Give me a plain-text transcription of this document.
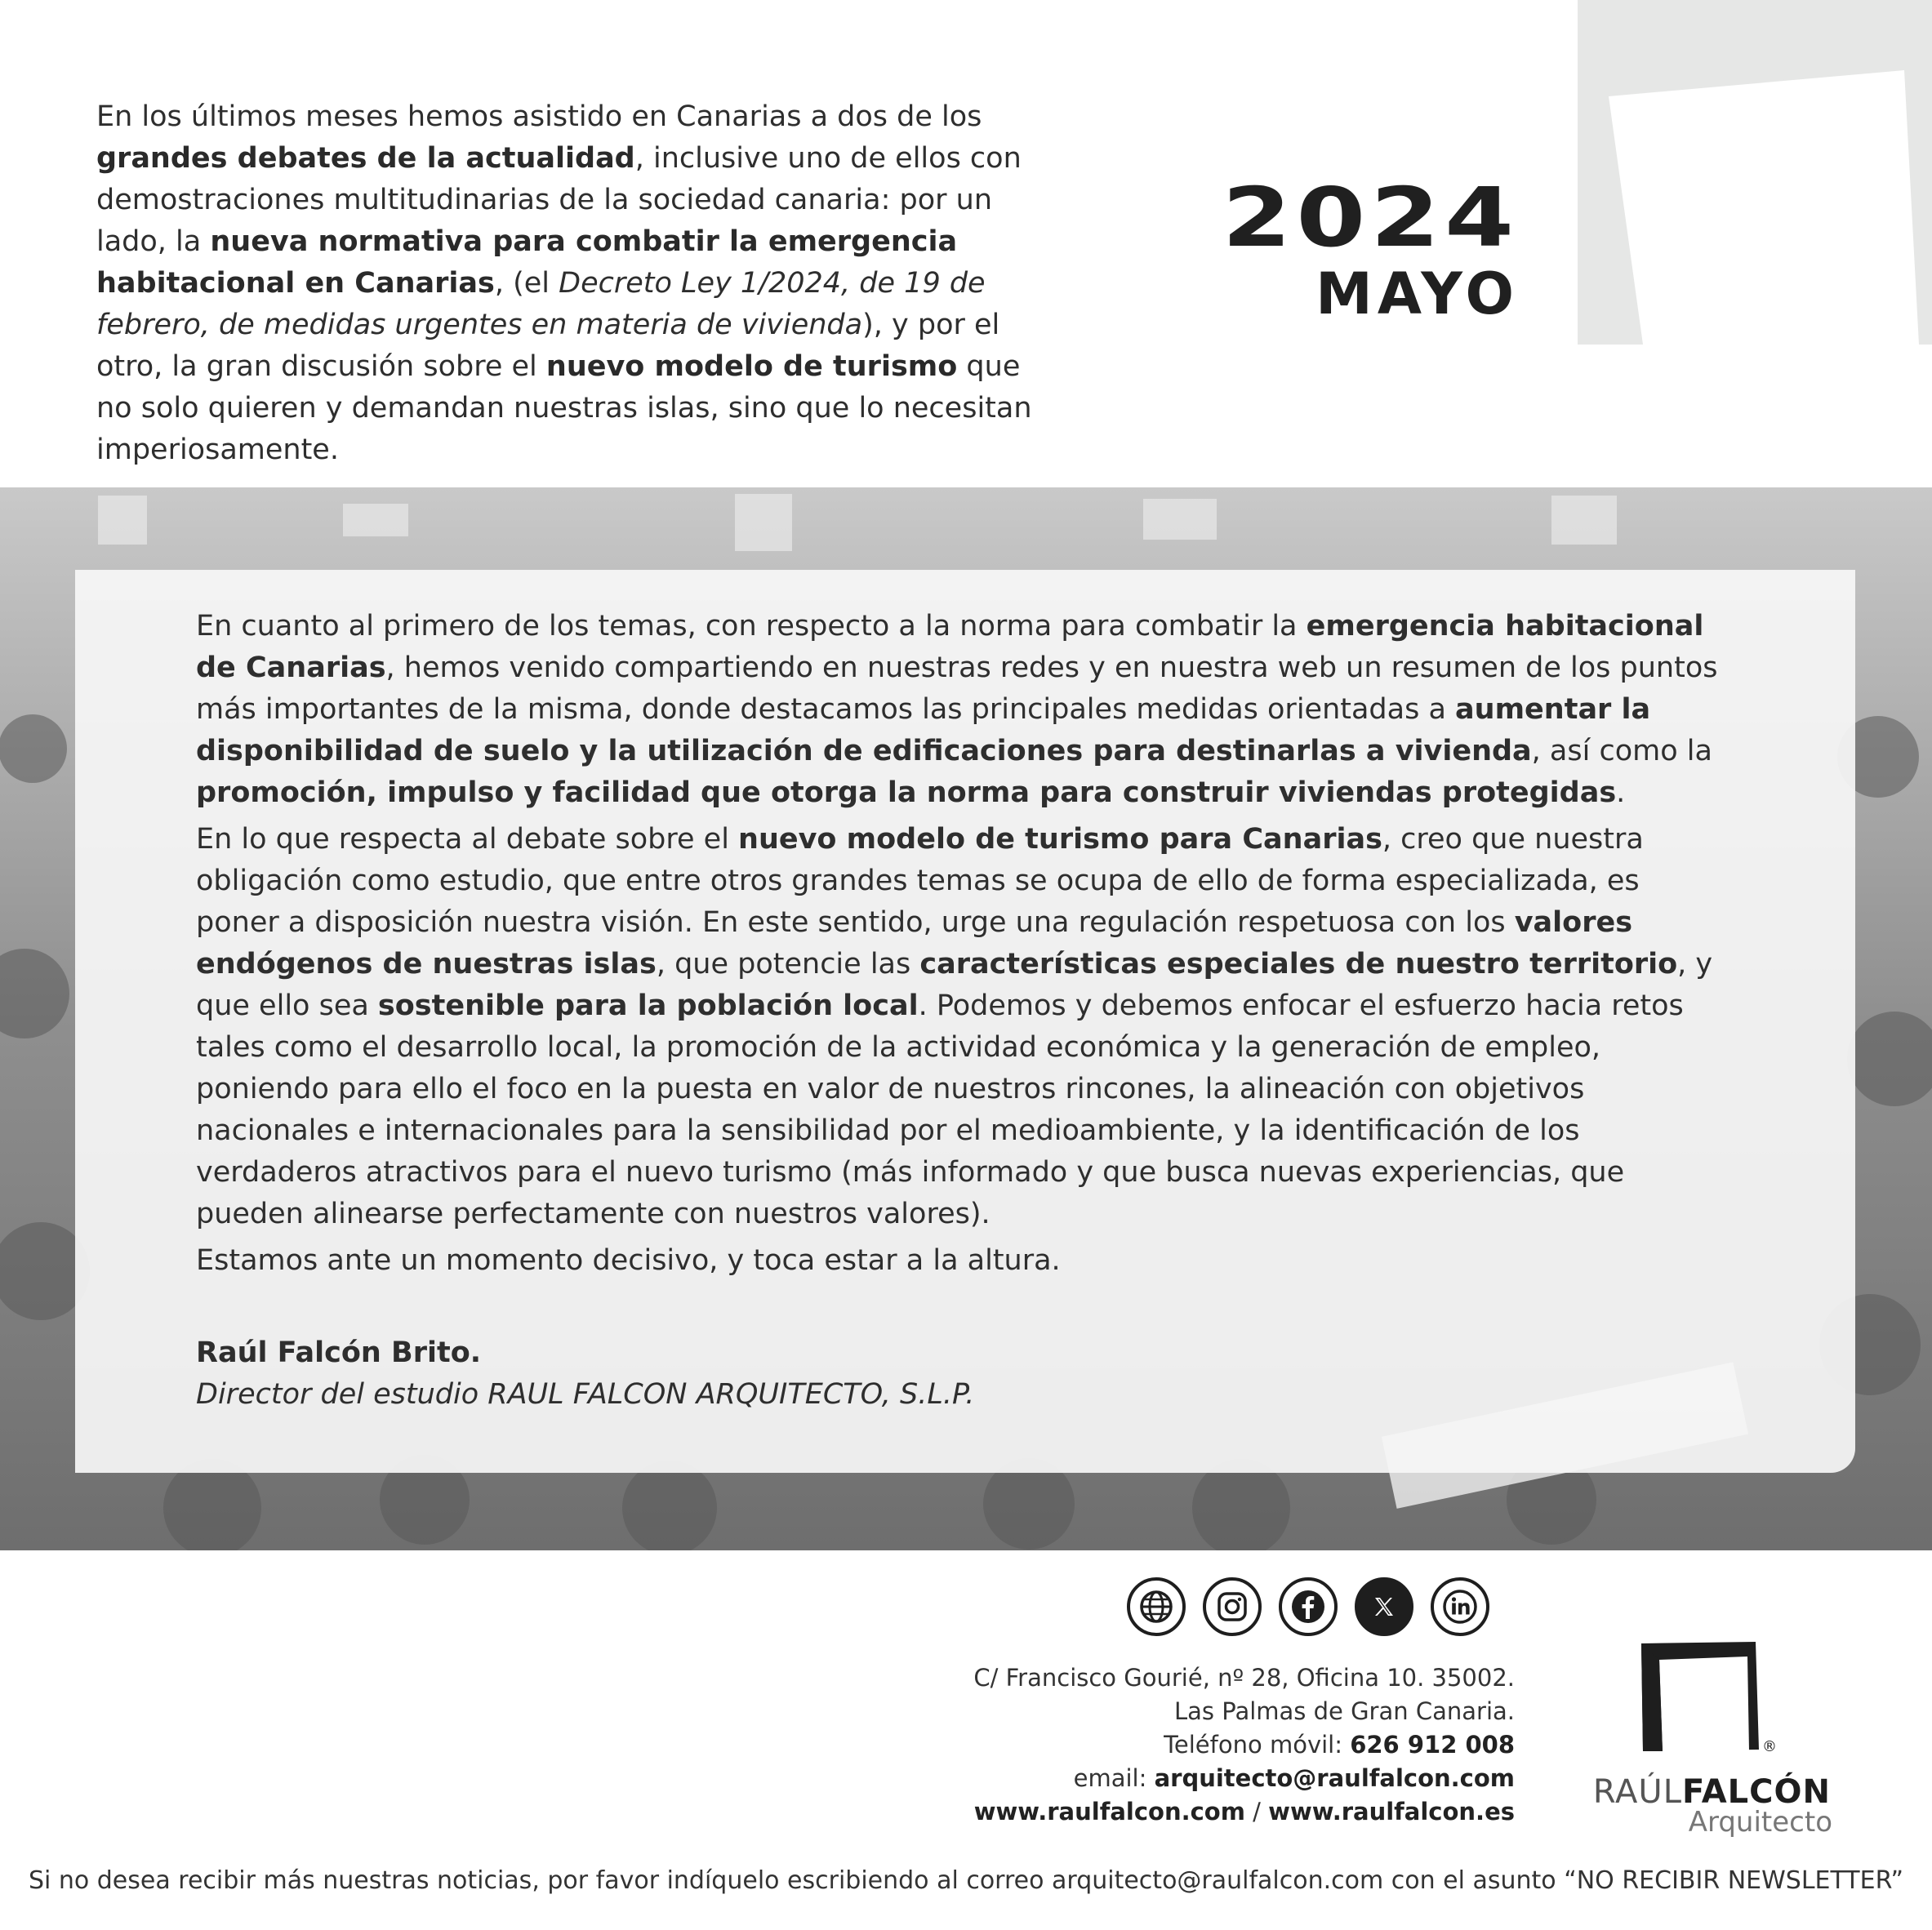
En los últimos meses hemos asistido en Canarias a dos de los grandes debates de la actualidad, inclusive uno de ellos con demostraciones multitudinarias de la sociedad canaria: por un lado, la nueva normativa para combatir la emergencia habitacional en Canarias, (el Decreto Ley 1/2024, de 19 de febrero, de medidas urgentes en materia de vivienda), y por el otro, la gran discusión sobre el nuevo modelo de turismo que no solo quieren y demandan nuestras islas, sino que lo necesitan imperiosamente.
2024
MAYO

En cuanto al primero de los temas, con respecto a la norma para combatir la emergencia habitacional de Canarias, hemos venido compartiendo en nuestras redes y en nuestra web un resumen de los puntos más importantes de la misma, donde destacamos las principales medidas orientadas a aumentar la disponibilidad de suelo y la utilización de edificaciones para destinarlas a vivienda, así como la promoción, impulso y facilidad que otorga la norma para construir viviendas protegidas.

En lo que respecta al debate sobre el nuevo modelo de turismo para Canarias, creo que nuestra obligación como estudio, que entre otros grandes temas se ocupa de ello de forma especializada, es poner a disposición nuestra visión. En este sentido, urge una regulación respetuosa con los valores endógenos de nuestras islas, que potencie las características especiales de nuestro territorio, y que ello sea sostenible para la población local. Podemos y debemos enfocar el esfuerzo hacia retos tales como el desarrollo local, la promoción de la actividad económica y la generación de empleo, poniendo para ello el foco en la puesta en valor de nuestros rincones, la alineación con objetivos nacionales e internacionales para la sensibilidad por el medioambiente, y la identificación de los verdaderos atractivos para el nuevo turismo (más informado y que busca nuevas experiencias, que pueden alinearse perfectamente con nuestros valores).

Estamos ante un momento decisivo, y toca estar a la altura.

Raúl Falcón Brito.
Director del estudio RAUL FALCON ARQUITECTO, S.L.P.
C/ Francisco Gourié, nº 28, Oficina 10. 35002.
Las Palmas de Gran Canaria.
Teléfono móvil: 626 912 008
email: arquitecto@raulfalcon.com
www.raulfalcon.com / www.raulfalcon.es
®
RAÚLFALCÓN
Arquitecto
Si no desea recibir más nuestras noticias, por favor indíquelo escribiendo al correo arquitecto@raulfalcon.com con el asunto “NO RECIBIR NEWSLETTER”
